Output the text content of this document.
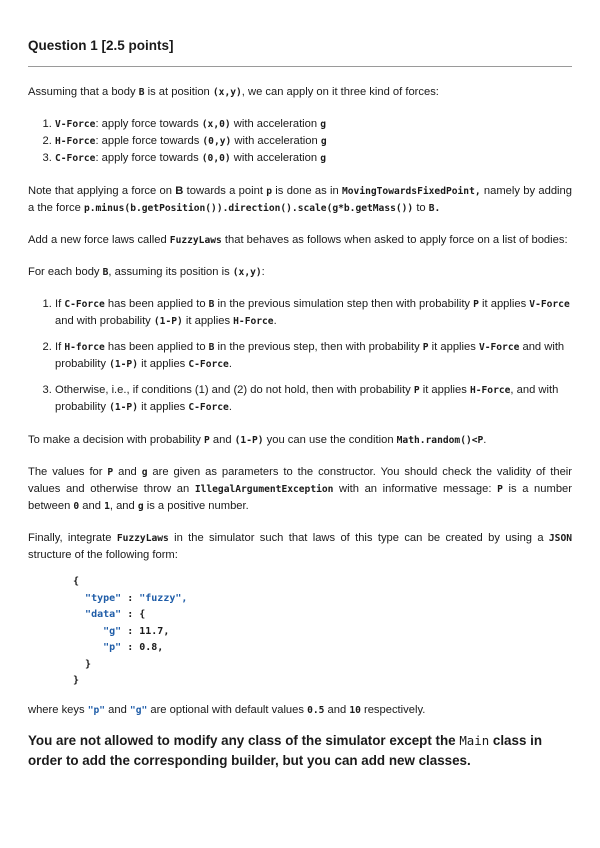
Question 1 [2.5 points]

Assuming that a body B is at position (x,y), we can apply on it three kind of forces:

1. V-Force: apply force towards (x,0) with acceleration g
2. H-Force: apple force towards (0,y) with acceleration g
3. C-Force: apply force towards (0,0) with acceleration g

Note that applying a force on B towards a point p is done as in MovingTowardsFixedPoint, namely by adding a the force p.minus(b.getPosition()).direction().scale(g*b.getMass()) to B.

Add a new force laws called FuzzyLaws that behaves as follows when asked to apply force on a list of bodies:

For each body B, assuming its position is (x,y):

1. If C-Force has been applied to B in the previous simulation step then with probability P it applies V-Force and with probability (1-P) it applies H-Force.
2. If H-force has been applied to B in the previous step, then with probability P it applies V-Force and with probability (1-P) it applies C-Force.
3. Otherwise, i.e., if conditions (1) and (2) do not hold, then with probability P it applies H-Force, and with probability (1-P) it applies C-Force.

To make a decision with probability P and (1-P) you can use the condition Math.random()<P.

The values for P and g are given as parameters to the constructor. You should check the validity of their values and otherwise throw an IllegalArgumentException with an informative message: P is a number between 0 and 1, and g is a positive number.

Finally, integrate FuzzyLaws in the simulator such that laws of this type can be created by using a JSON structure of the following form:

{
"type" : "fuzzy",
"data" : {
"g" : 11.7,
"p" : 0.8,
}
}

where keys "p" and "g" are optional with default values 0.5 and 10 respectively.

You are not allowed to modify any class of the simulator except the Main class in order to add the corresponding builder, but you can add new classes.
